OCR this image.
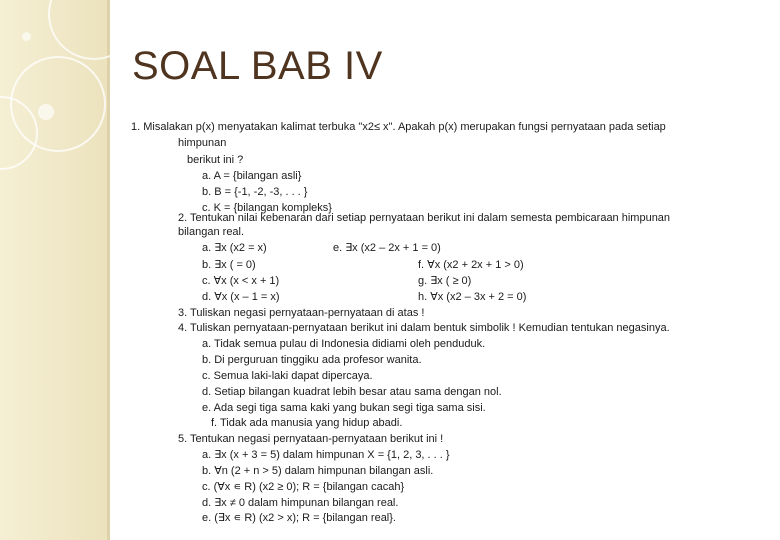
SOAL BAB IV
1. Misalakan p(x) menyatakan kalimat terbuka "x2≤ x". Apakah p(x) merupakan fungsi pernyataan pada setiap
himpunan
berikut ini ?
a. A = {bilangan asli}
b. B = {-1, -2, -3, . . . }
c. K = {bilangan kompleks}
2. Tentukan nilai kebenaran dari setiap pernyataan berikut ini dalam semesta pembicaraan himpunan
bilangan real.
a. ∃x (x2 = x)	e. ∃x (x2 – 2x + 1 = 0)
b. ∃x ( = 0)	f. ∀x (x2 + 2x + 1 > 0)
c. ∀x (x < x + 1)	g. ∃x ( ≥ 0)
d. ∀x (x – 1 = x)	h. ∀x (x2 – 3x + 2 = 0)
3. Tuliskan negasi pernyataan-pernyataan di atas !
4. Tuliskan pernyataan-pernyataan berikut ini dalam bentuk simbolik ! Kemudian tentukan negasinya.
a. Tidak semua pulau di Indonesia didiami oleh penduduk.
b. Di perguruan tinggiku ada profesor wanita.
c. Semua laki-laki dapat dipercaya.
d. Setiap bilangan kuadrat lebih besar atau sama dengan nol.
e. Ada segi tiga sama kaki yang bukan segi tiga sama sisi.
f. Tidak ada manusia yang hidup abadi.
5. Tentukan negasi pernyataan-pernyataan berikut ini !
a. ∃x (x + 3 = 5) dalam himpunan X = {1, 2, 3, . . . }
b. ∀n (2 + n > 5) dalam himpunan bilangan asli.
c. (∀x ∊ R) (x2 ≥ 0); R = {bilangan cacah}
d. ∃x ≠ 0 dalam himpunan bilangan real.
e. (∃x ∊ R) (x2 > x); R = {bilangan real}.
